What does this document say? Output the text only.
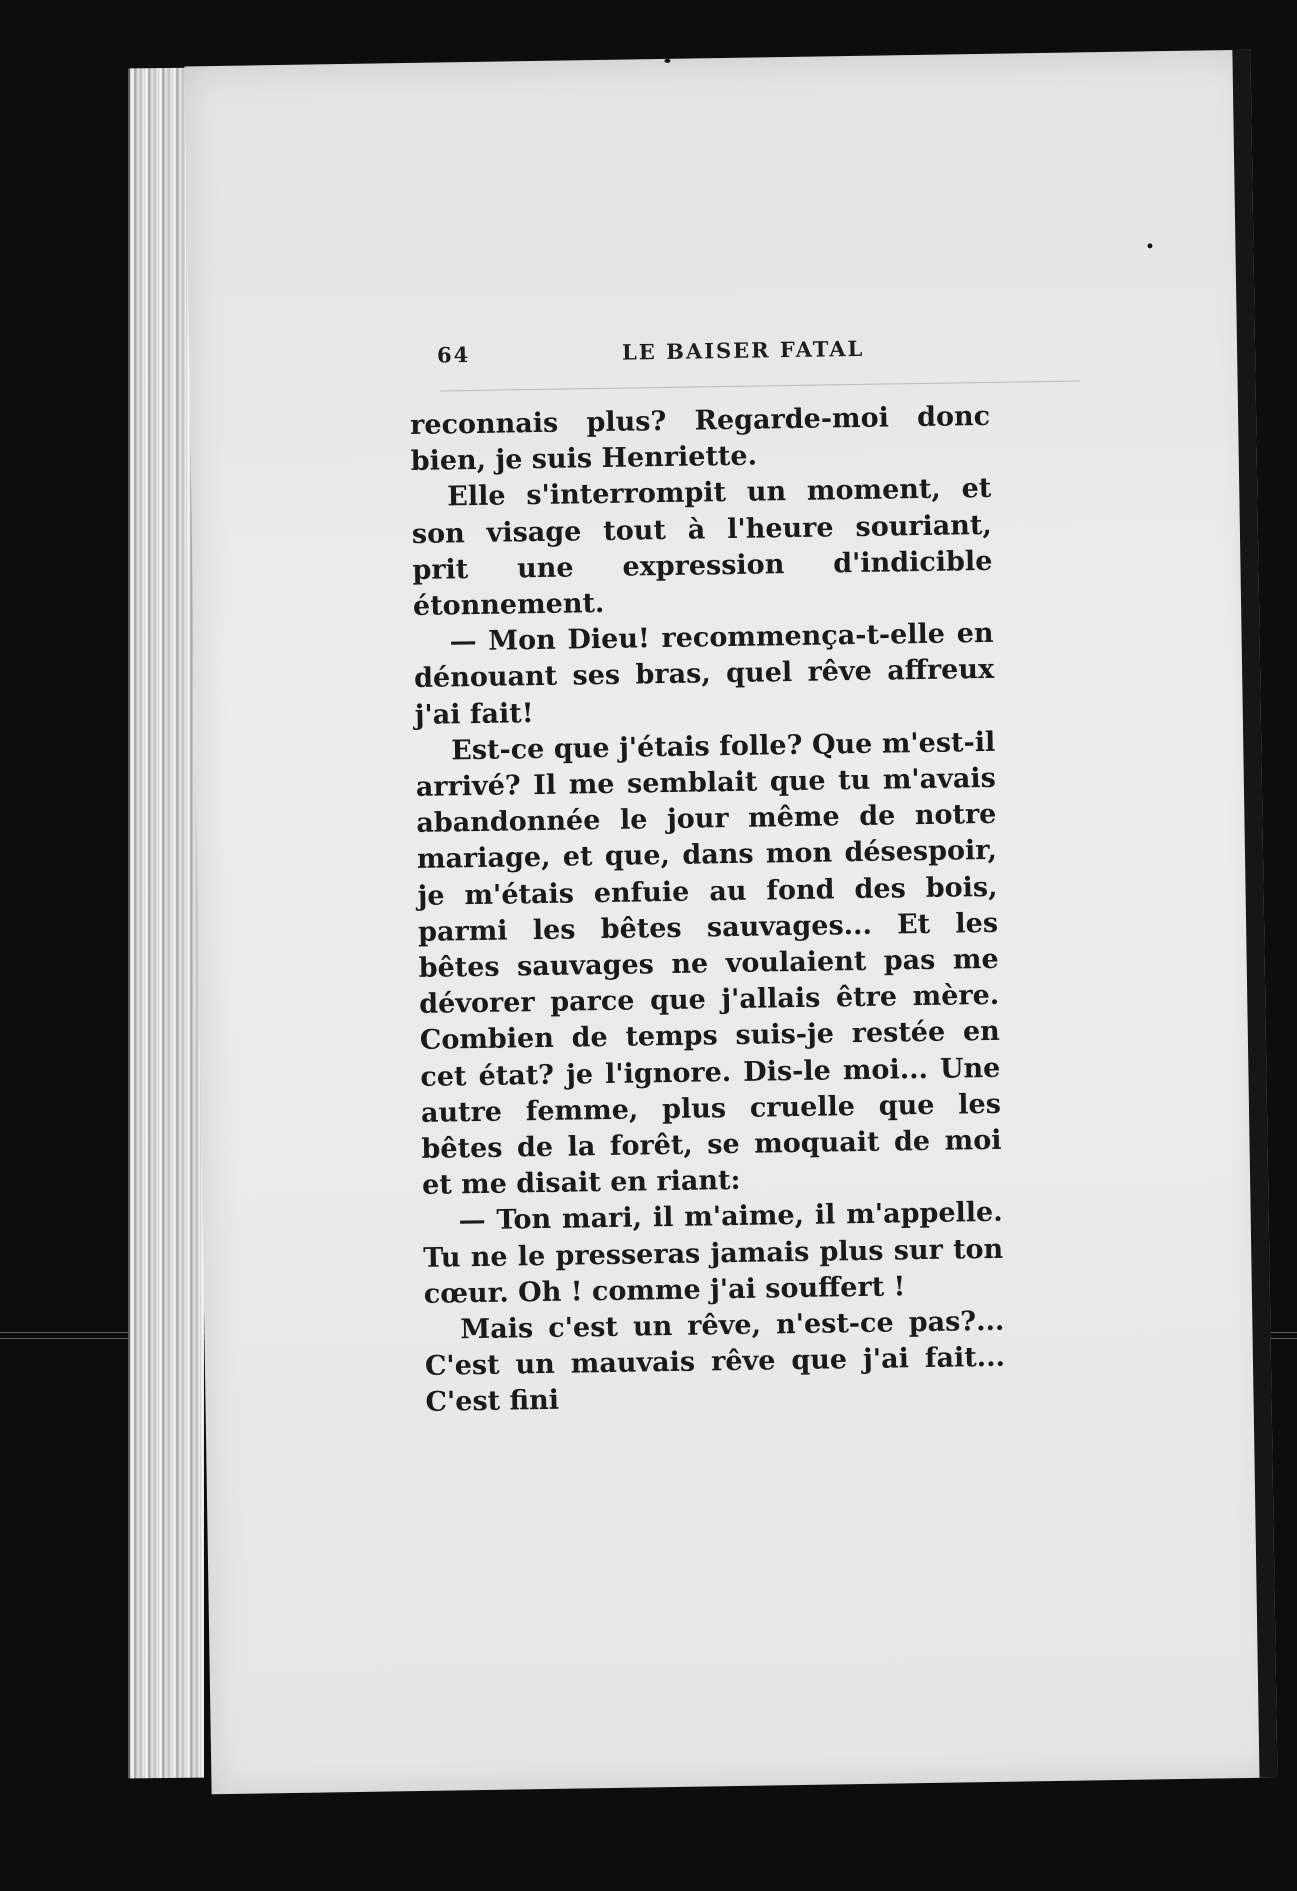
64	LE BAISER FATAL

reconnais plus? Regarde-moi donc bien, je suis Henriette.

Elle s'interrompit un moment, et son visage tout à l'heure souriant, prit une expression d'indicible étonnement.

— Mon Dieu! recommença-t-elle en dénouant ses bras, quel rêve affreux j'ai fait!

Est-ce que j'étais folle? Que m'est-il arrivé? Il me semblait que tu m'avais abandonnée le jour même de notre mariage, et que, dans mon désespoir, je m'étais enfuie au fond des bois, parmi les bêtes sauvages... Et les bêtes sauvages ne voulaient pas me dévorer parce que j'allais être mère. Combien de temps suis-je restée en cet état? je l'ignore. Dis-le moi... Une autre femme, plus cruelle que les bêtes de la forêt, se moquait de moi et me disait en riant:

— Ton mari, il m'aime, il m'appelle. Tu ne le presseras jamais plus sur ton cœur. Oh ! comme j'ai souffert !

Mais c'est un rêve, n'est-ce pas?... C'est un mauvais rêve que j'ai fait... C'est fini
